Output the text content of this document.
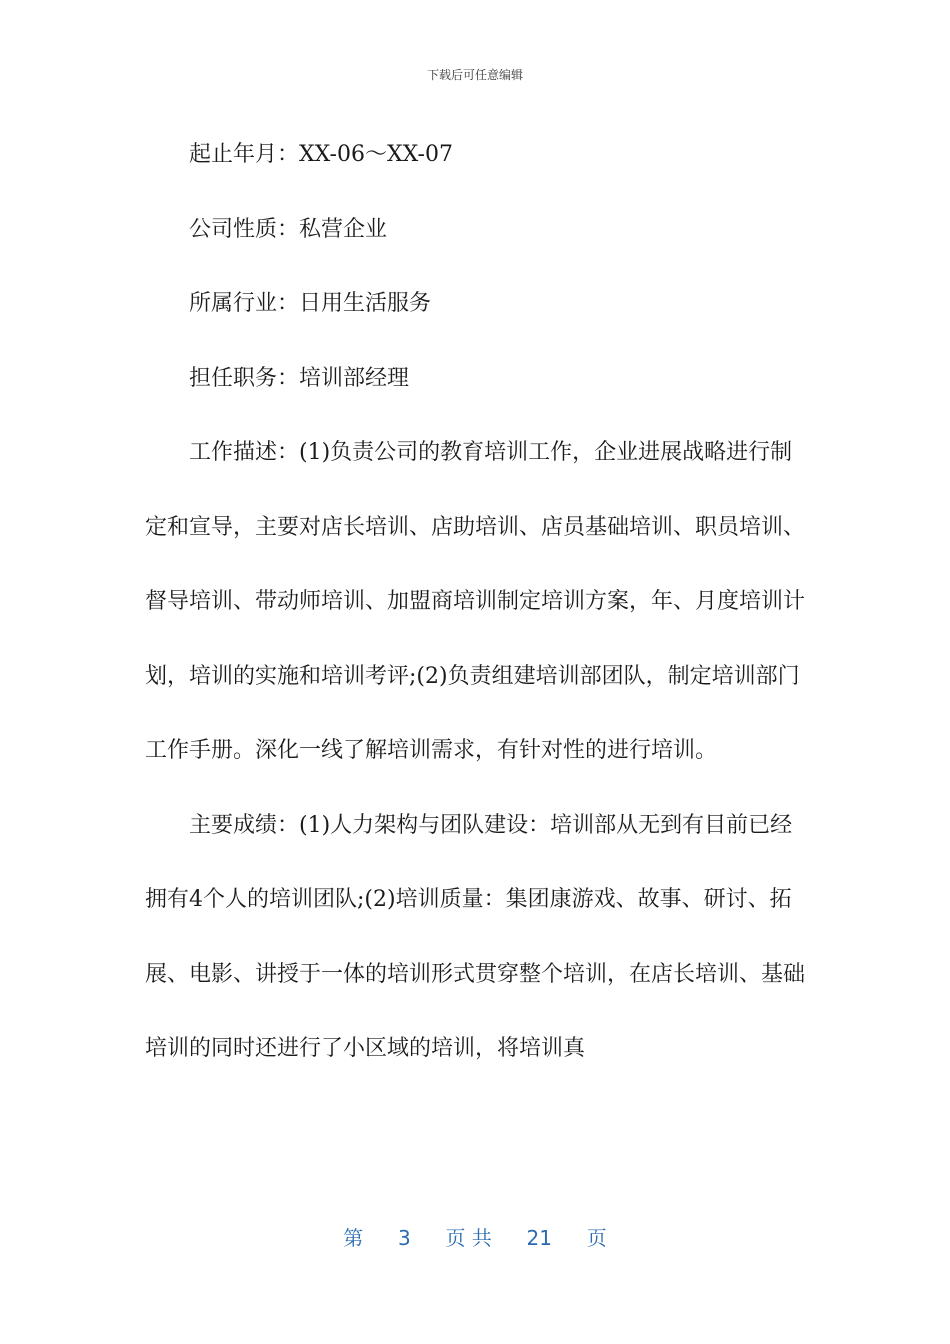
下载后可任意编辑

起止年月：XX-06～XX-07

公司性质：私营企业

所属行业：日用生活服务

担任职务：培训部经理

工作描述：(1)负责公司的教育培训工作，企业进展战略进行制定和宣导，主要对店长培训、店助培训、店员基础培训、职员培训、督导培训、带动师培训、加盟商培训制定培训方案，年、月度培训计划，培训的实施和培训考评;(2)负责组建培训部团队，制定培训部门工作手册。深化一线了解培训需求，有针对性的进行培训。

主要成绩：(1)人力架构与团队建设：培训部从无到有目前已经拥有4个人的培训团队;(2)培训质量：集团康游戏、故事、研讨、拓展、电影、讲授于一体的培训形式贯穿整个培训，在店长培训、基础培训的同时还进行了小区域的培训，将培训真

第 3 页 共 21 页
